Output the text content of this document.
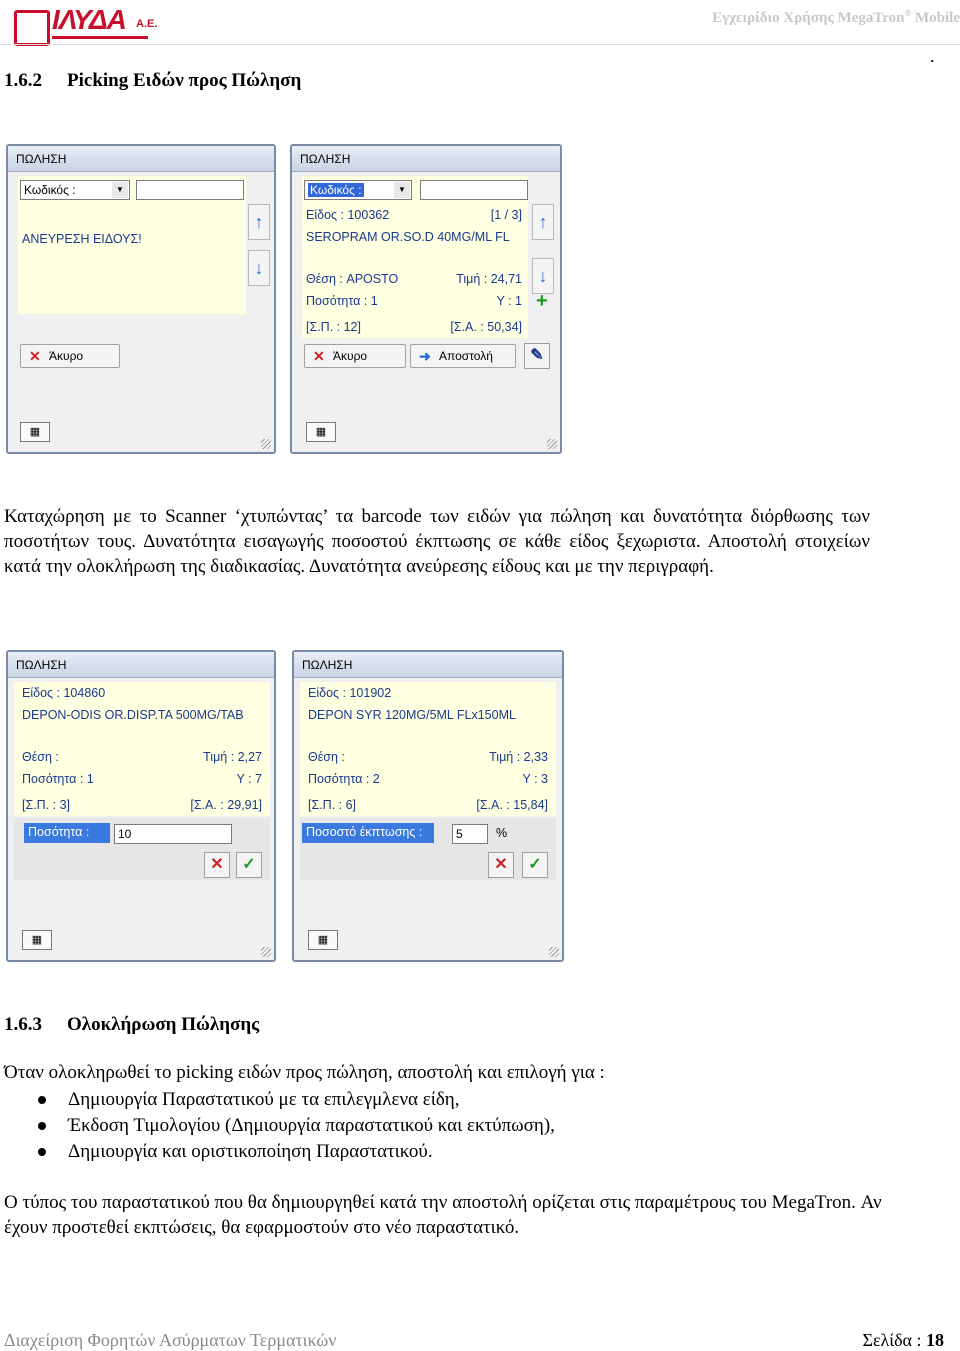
ΙΛΥΔΑ Α.Ε.	Εγχειρίδιο Χρήσης MegaTron® Mobile
.
1.6.2 Picking Ειδών προς Πώληση
ΠΩΛΗΣΗ
Κωδικός :	▼
ΑΝΕΥΡΕΣΗ ΕΙΔΟΥΣ!
↑
↓
✕ Άκυρο
▦
ΠΩΛΗΣΗ
Κωδικός :	▼
Είδος : 100362	[1 / 3]
SEROPRAM OR.SO.D 40MG/ML FL
Θέση : APOSTO	Τιμή : 24,71
Ποσότητα : 1	Y : 1
[Σ.Π. : 12]	[Σ.Α. : 50,34]
↑
↓
+
✕ Άκυρο	➜ Αποστολή	✎
▦

Καταχώρηση με το Scanner ‘χτυπώντας’ τα barcode των ειδών για πώληση και δυνατότητα διόρθωσης των ποσοτήτων τους. Δυνατότητα εισαγωγής ποσοστού έκπτωσης σε κάθε είδος ξεχωριστα. Αποστολή στοιχείων κατά την ολοκλήρωση της διαδικασίας. Δυνατότητα ανεύρεσης είδους και με την περιγραφή.

ΠΩΛΗΣΗ
Είδος : 104860
DEPON-ODIS OR.DISP.TA 500MG/TAB
Θέση :	Τιμή : 2,27
Ποσότητα : 1	Y : 7
[Σ.Π. : 3]	[Σ.Α. : 29,91]
Ποσότητα :	10
✕	✓
▦
ΠΩΛΗΣΗ
Είδος : 101902
DEPON SYR 120MG/5ML FLx150ML
Θέση :	Τιμή : 2,33
Ποσότητα : 2	Y : 3
[Σ.Π. : 6]	[Σ.Α. : 15,84]
Ποσοστό έκπτωσης :	5	%
✕	✓
▦
1.6.3 Ολοκλήρωση Πώλησης

Όταν ολοκληρωθεί το picking ειδών προς πώληση, αποστολή και επιλογή για :

Δημιουργία Παραστατικού με τα επιλεγμλενα είδη,
Έκδοση Τιμολογίου (Δημιουργία παραστατικού και εκτύπωση),
Δημιουργία και οριστικοποίηση Παραστατικού.

Ο τύπος του παραστατικού που θα δημιουργηθεί κατά την αποστολή ορίζεται στις παραμέτρους του MegaTron. Αν έχουν προστεθεί εκπτώσεις, θα εφαρμοστούν στο νέο παραστατικό.

Διαχείριση Φορητών Ασύρματων Τερματικών	Σελίδα : 18
